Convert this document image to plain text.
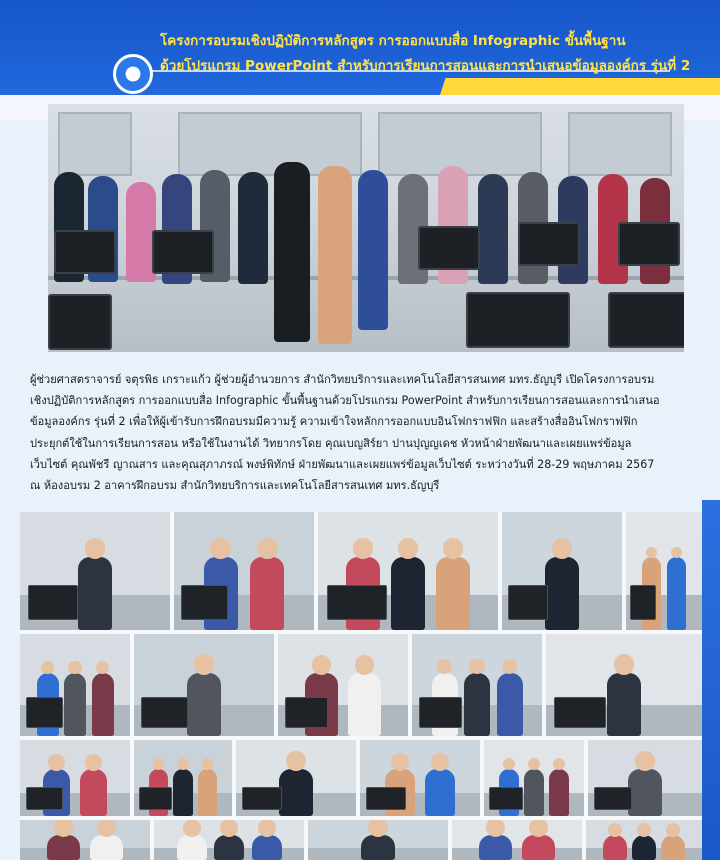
โครงการอบรมเชิงปฏิบัติการหลักสูตร การออกแบบสื่อ Infographic ขั้นพื้นฐาน
ด้วยโปรแกรม PowerPoint สำหรับการเรียนการสอนและการนำเสนอข้อมูลองค์กร รุ่นที่ 2
ผู้ช่วยศาสตราจารย์ จตุรพิธ เกราะแก้ว ผู้ช่วยผู้อำนวยการ สำนักวิทยบริการและเทคโนโลยีสารสนเทศ มทร.ธัญบุรี เปิดโครงการอบรม
เชิงปฏิบัติการหลักสูตร การออกแบบสื่อ Infographic ขั้นพื้นฐานด้วยโปรแกรม PowerPoint สำหรับการเรียนการสอนและการนำเสนอ
ข้อมูลองค์กร รุ่นที่ 2 เพื่อให้ผู้เข้ารับการฝึกอบรมมีความรู้ ความเข้าใจหลักการออกแบบอินโฟกราฟฟิก และสร้างสื่ออินโฟกราฟฟิก
ประยุกต์ใช้ในการเรียนการสอน หรือใช้ในงานได้ วิทยากรโดย คุณเบญสิร์ยา ปานปุญญเดช หัวหน้าฝ่ายพัฒนาและเผยแพร่ข้อมูล
เว็บไซต์ คุณพัชรี ญาณสาร และคุณสุภาภรณ์ พงษ์พิทักษ์ ฝ่ายพัฒนาและเผยแพร่ข้อมูลเว็บไซต์ ระหว่างวันที่ 28-29 พฤษภาคม 2567
ณ ห้องอบรม 2 อาคารฝึกอบรม สำนักวิทยบริการและเทคโนโลยีสารสนเทศ มทร.ธัญบุรี
